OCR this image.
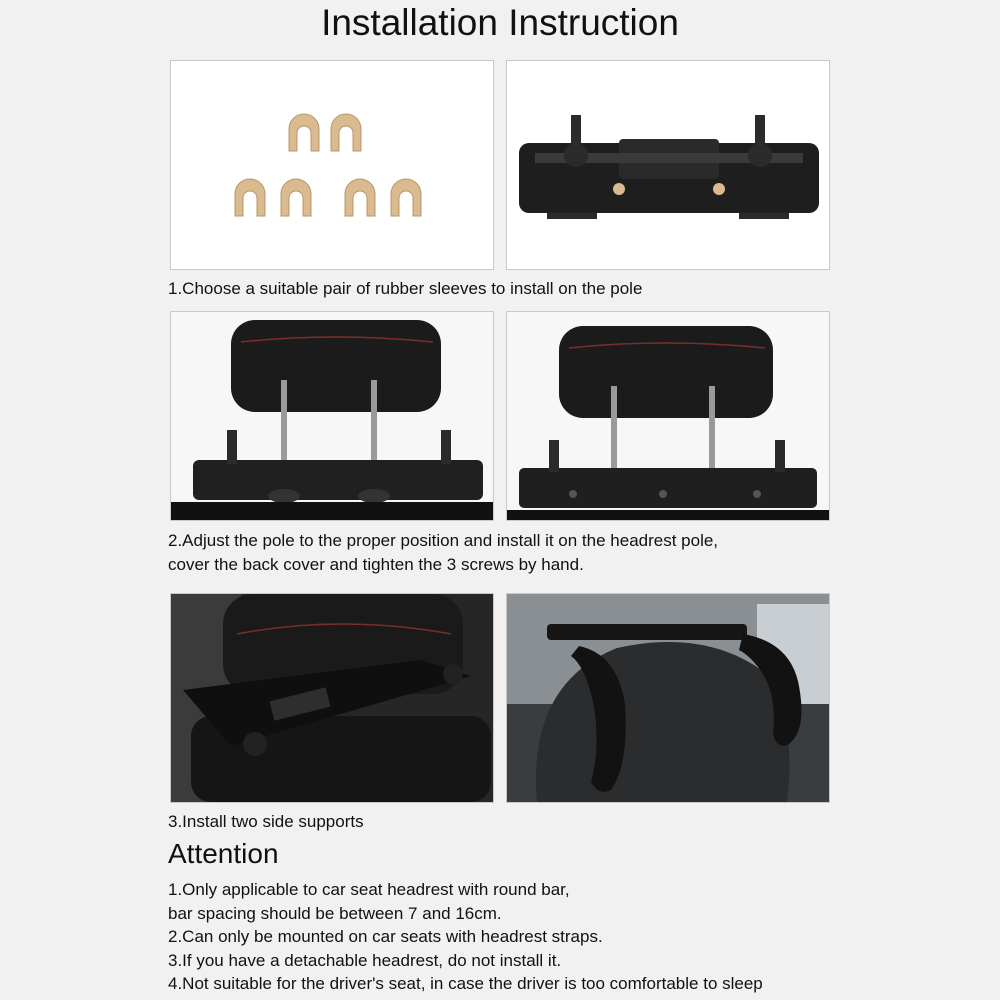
Installation Instruction
1.Choose a suitable pair of rubber sleeves to install on the pole
2.Adjust the pole to the proper position and install it on the headrest pole,
cover the back cover and tighten the 3 screws by hand.
3.Install two side supports
Attention
1.Only applicable to car seat headrest with round bar,
bar spacing should be between 7 and 16cm.
2.Can only be mounted on car seats with headrest straps.
3.If you have a detachable headrest, do not install it.
4.Not suitable for the driver's seat, in case the driver is too comfortable to sleep
